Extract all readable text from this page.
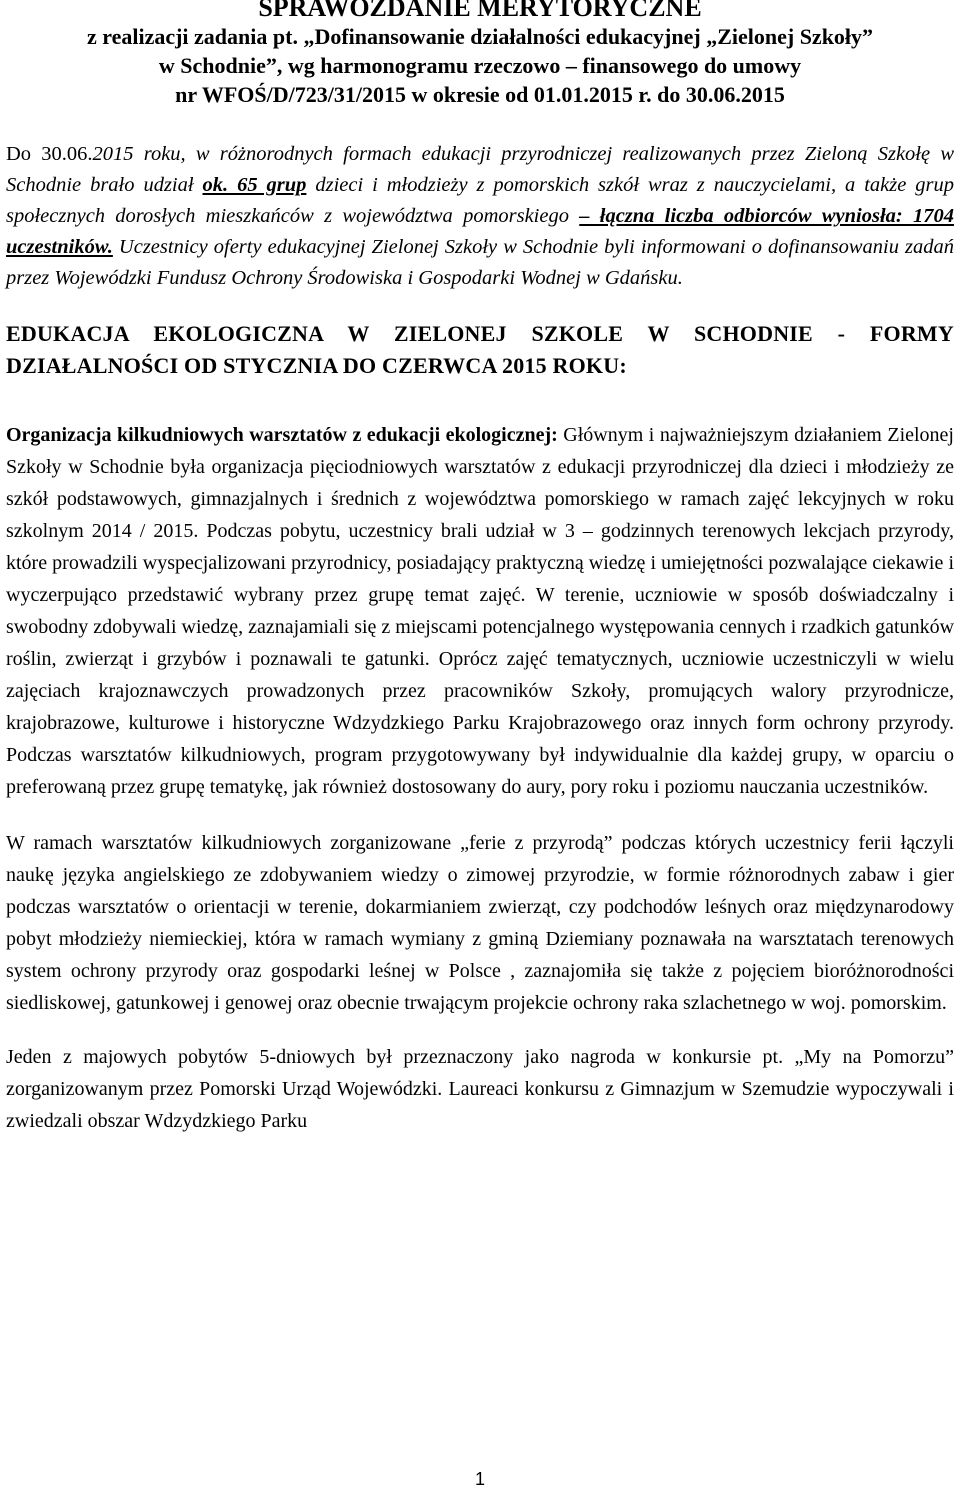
SPRAWOZDANIE MERYTORYCZNE
z realizacji zadania pt. „Dofinansowanie działalności edukacyjnej „Zielonej Szkoły”
w Schodnie”, wg harmonogramu rzeczowo – finansowego do umowy
nr WFOŚ/D/723/31/2015 w okresie od 01.01.2015 r. do 30.06.2015

Do 30.06.2015 roku, w różnorodnych formach edukacji przyrodniczej realizowanych przez Zieloną Szkołę w Schodnie brało udział ok. 65 grup dzieci i młodzieży z pomorskich szkół wraz z nauczycielami, a także grup społecznych dorosłych mieszkańców z województwa pomorskiego – łączna liczba odbiorców wyniosła: 1704 uczestników. Uczestnicy oferty edukacyjnej Zielonej Szkoły w Schodnie byli informowani o dofinansowaniu zadań przez Wojewódzki Fundusz Ochrony Środowiska i Gospodarki Wodnej w Gdańsku.

EDUKACJA EKOLOGICZNA W ZIELONEJ SZKOLE W SCHODNIE - FORMY DZIAŁALNOŚCI OD STYCZNIA DO CZERWCA 2015 ROKU:

Organizacja kilkudniowych warsztatów z edukacji ekologicznej: Głównym i najważniejszym działaniem Zielonej Szkoły w Schodnie była organizacja pięciodniowych warsztatów z edukacji przyrodniczej dla dzieci i młodzieży ze szkół podstawowych, gimnazjalnych i średnich z województwa pomorskiego w ramach zajęć lekcyjnych w roku szkolnym 2014 / 2015. Podczas pobytu, uczestnicy brali udział w 3 – godzinnych terenowych lekcjach przyrody, które prowadzili wyspecjalizowani przyrodnicy, posiadający praktyczną wiedzę i umiejętności pozwalające ciekawie i wyczerpująco przedstawić wybrany przez grupę temat zajęć. W terenie, uczniowie w sposób doświadczalny i swobodny zdobywali wiedzę, zaznajamiali się z miejscami potencjalnego występowania cennych i rzadkich gatunków roślin, zwierząt i grzybów i poznawali te gatunki. Oprócz zajęć tematycznych, uczniowie uczestniczyli w wielu zajęciach krajoznawczych prowadzonych przez pracowników Szkoły, promujących walory przyrodnicze, krajobrazowe, kulturowe i historyczne Wdzydzkiego Parku Krajobrazowego oraz innych form ochrony przyrody. Podczas warsztatów kilkudniowych, program przygotowywany był indywidualnie dla każdej grupy, w oparciu o preferowaną przez grupę tematykę, jak również dostosowany do aury, pory roku i poziomu nauczania uczestników.

W ramach warsztatów kilkudniowych zorganizowane „ferie z przyrodą” podczas których uczestnicy ferii łączyli naukę języka angielskiego ze zdobywaniem wiedzy o zimowej przyrodzie, w formie różnorodnych zabaw i gier podczas warsztatów o orientacji w terenie, dokarmianiem zwierząt, czy podchodów leśnych oraz międzynarodowy pobyt młodzieży niemieckiej, która w ramach wymiany z gminą Dziemiany poznawała na warsztatach terenowych system ochrony przyrody oraz gospodarki leśnej w Polsce , zaznajomiła się także z pojęciem bioróżnorodności siedliskowej, gatunkowej i genowej oraz obecnie trwającym projekcie ochrony raka szlachetnego w woj. pomorskim.

Jeden z majowych pobytów 5-dniowych był przeznaczony jako nagroda w konkursie pt. „My na Pomorzu” zorganizowanym przez Pomorski Urząd Wojewódzki. Laureaci konkursu z Gimnazjum w Szemudzie wypoczywali i zwiedzali obszar Wdzydzkiego Parku

1
